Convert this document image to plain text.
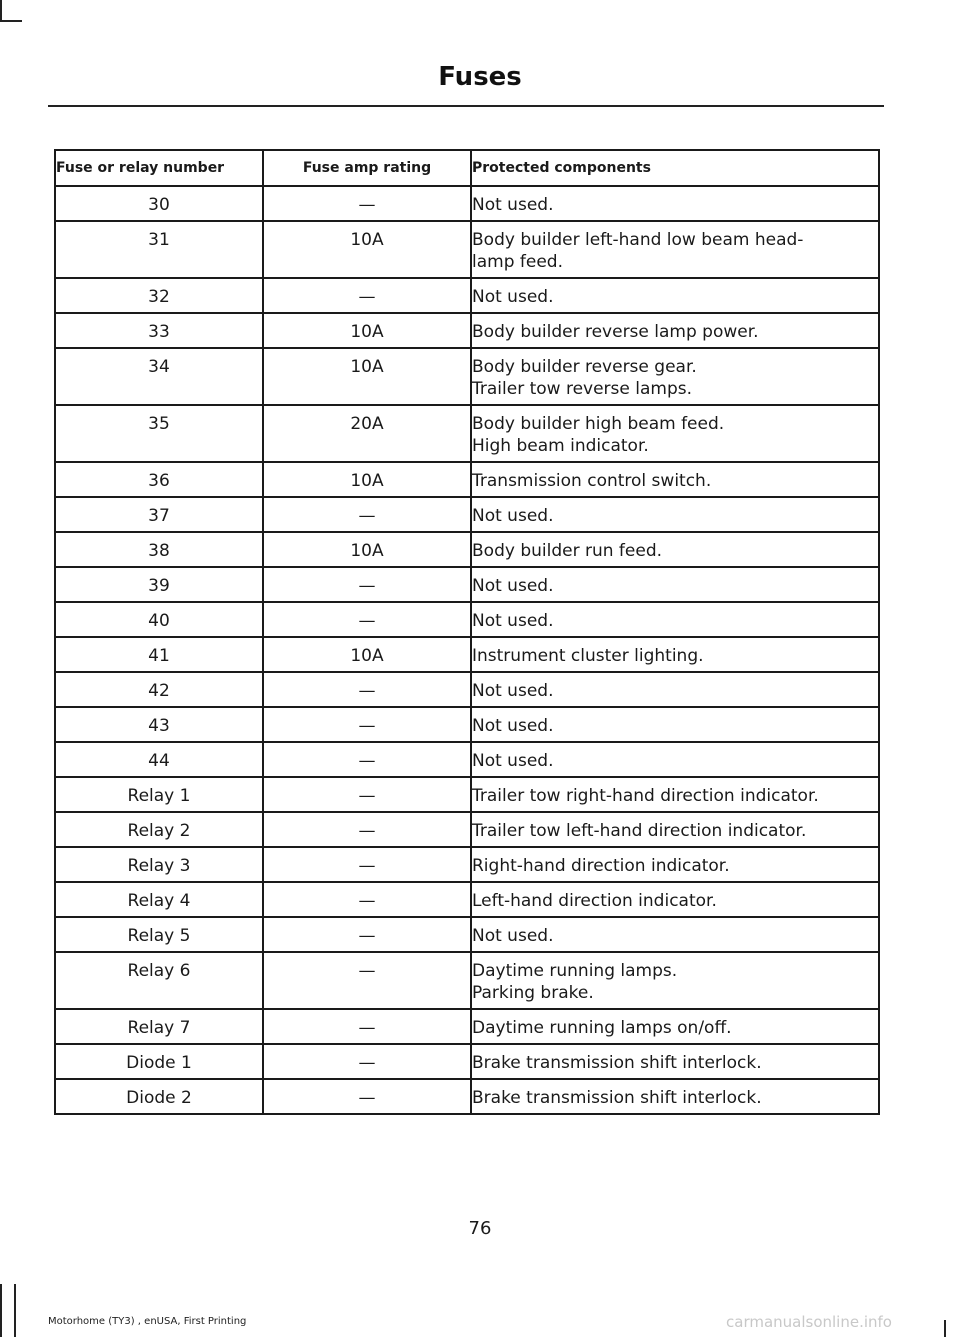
Fuses
Fuse or relay number	Fuse amp rating	Protected components
30	—	Not used.

31	10A	Body builder left-hand low beam head-
lamp feed.

32	—	Not used.

33	10A	Body builder reverse lamp power.

34	10A	Body builder reverse gear.
Trailer tow reverse lamps.

35	20A	Body builder high beam feed.
High beam indicator.

36	10A	Transmission control switch.

37	—	Not used.

38	10A	Body builder run feed.

39	—	Not used.

40	—	Not used.

41	10A	Instrument cluster lighting.

42	—	Not used.

43	—	Not used.

44	—	Not used.

Relay 1	—	Trailer tow right-hand direction indicator.

Relay 2	—	Trailer tow left-hand direction indicator.

Relay 3	—	Right-hand direction indicator.

Relay 4	—	Left-hand direction indicator.

Relay 5	—	Not used.

Relay 6	—	Daytime running lamps.
Parking brake.

Relay 7	—	Daytime running lamps on/off.

Diode 1	—	Brake transmission shift interlock.

Diode 2	—	Brake transmission shift interlock.
76
Motorhome (TY3) , enUSA, First Printing	carmanualsonline.info
